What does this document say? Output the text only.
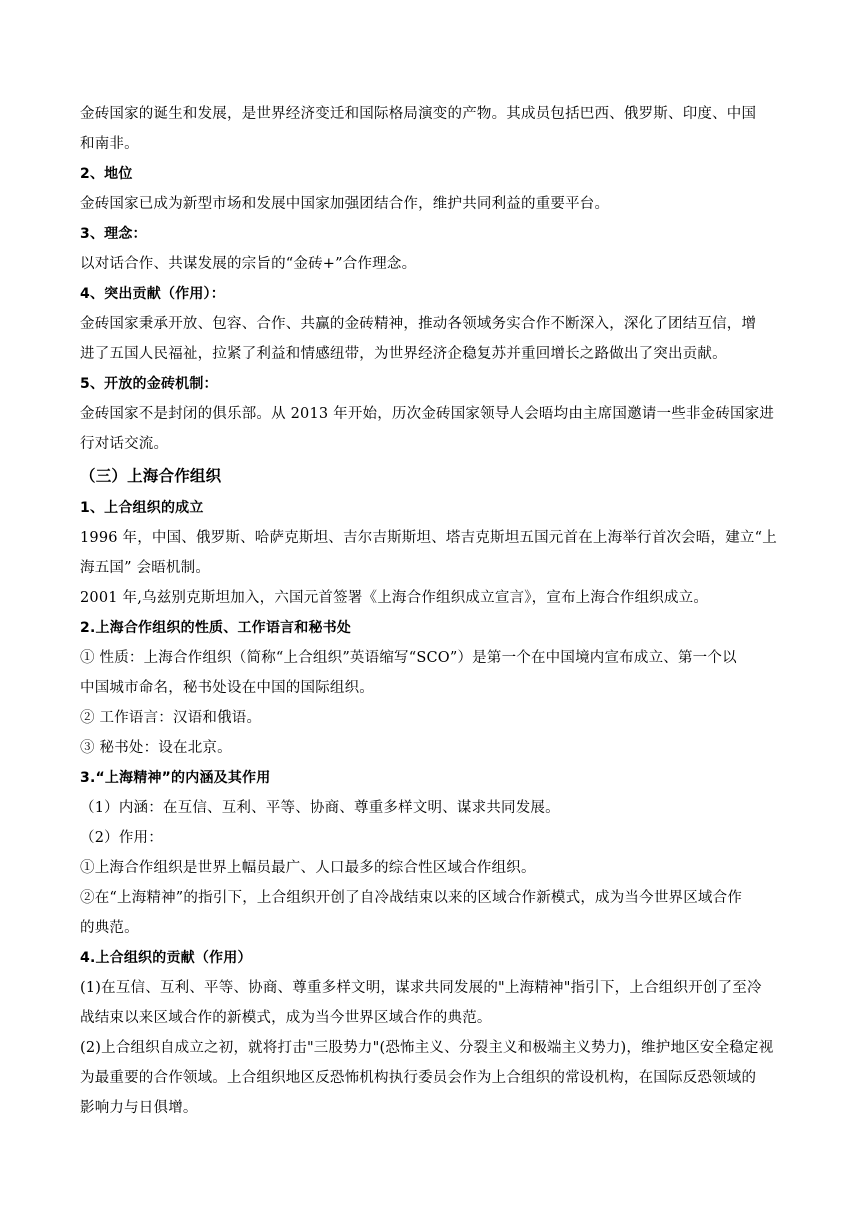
金砖国家的诞生和发展，是世界经济变迁和国际格局演变的产物。其成员包括巴西、俄罗斯、印度、中国
和南非。
2、地位
金砖国家已成为新型市场和发展中国家加强团结合作，维护共同利益的重要平台。
3、理念：
以对话合作、共谋发展的宗旨的“金砖+”合作理念。
4、突出贡献（作用）：
金砖国家秉承开放、包容、合作、共赢的金砖精神，推动各领域务实合作不断深入，深化了团结互信，增
进了五国人民福祉，拉紧了利益和情感纽带，为世界经济企稳复苏并重回增长之路做出了突出贡献。
5、开放的金砖机制：
金砖国家不是封闭的俱乐部。从 2013 年开始，历次金砖国家领导人会晤均由主席国邀请一些非金砖国家进
行对话交流。
（三）上海合作组织
1、上合组织的成立
1996 年，中国、俄罗斯、哈萨克斯坦、吉尔吉斯斯坦、塔吉克斯坦五国元首在上海举行首次会晤，建立“上
海五国” 会晤机制。
2001 年,乌兹别克斯坦加入，六国元首签署《上海合作组织成立宣言》，宣布上海合作组织成立。
2.上海合作组织的性质、工作语言和秘书处
① 性质：上海合作组织（简称“上合组织”英语缩写“SCO”）是第一个在中国境内宣布成立、第一个以
中国城市命名，秘书处设在中国的国际组织。
② 工作语言：汉语和俄语。
③ 秘书处：设在北京。
3.“上海精神”的内涵及其作用
（1）内涵：在互信、互利、平等、协商、尊重多样文明、谋求共同发展。
（2）作用：
①上海合作组织是世界上幅员最广、人口最多的综合性区域合作组织。
②在“上海精神”的指引下，上合组织开创了自冷战结束以来的区域合作新模式，成为当今世界区域合作
的典范。
4.上合组织的贡献（作用）
(1)在互信、互利、平等、协商、尊重多样文明，谋求共同发展的"上海精神"指引下，上合组织开创了至冷
战结束以来区域合作的新模式，成为当今世界区域合作的典范。
(2)上合组织自成立之初，就将打击"三股势力"(恐怖主义、分裂主义和极端主义势力)，维护地区安全稳定视
为最重要的合作领域。上合组织地区反恐怖机构执行委员会作为上合组织的常设机构，在国际反恐领域的
影响力与日俱增。
